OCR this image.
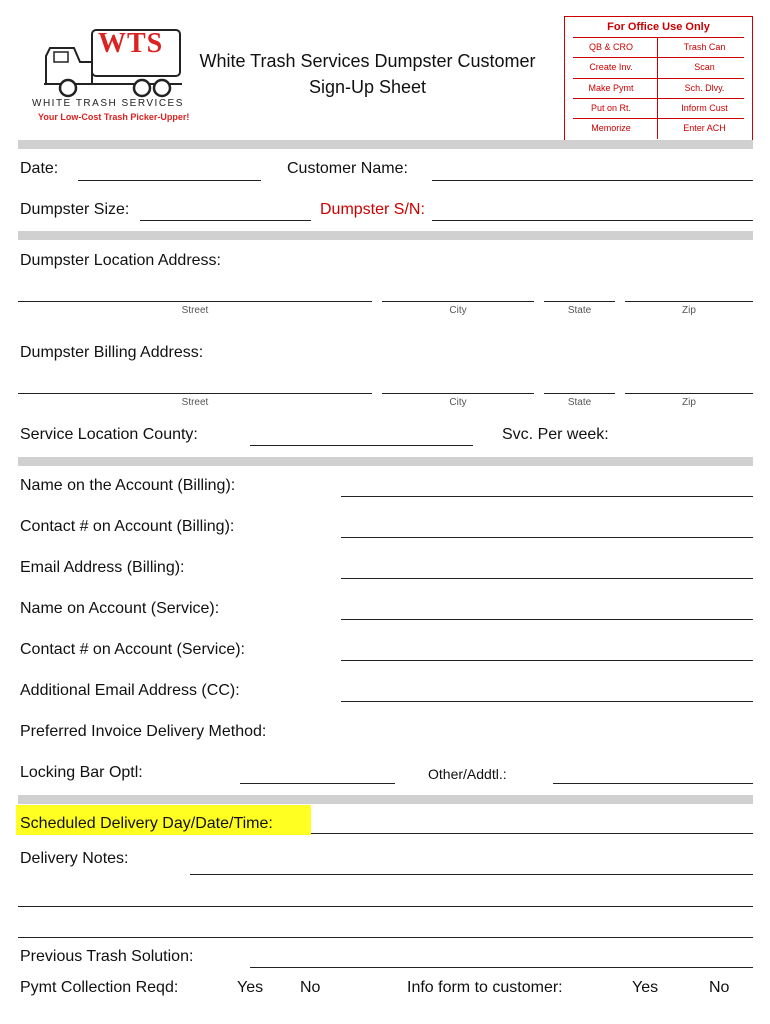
WTS
WHITE TRASH SERVICES
Your Low-Cost Trash Picker-Upper!
White Trash Services Dumpster Customer
Sign-Up Sheet
For Office Use Only
QB & CRO	Trash Can
Create Inv.	Scan
Make Pymt	Sch. Dlvy.
Put on Rt.	Inform Cust
Memorize	Enter ACH
Date:	Customer Name:
Dumpster Size:	Dumpster S/N:
Dumpster Location Address:
Street	City	State	Zip
Dumpster Billing Address:
Street	City	State	Zip
Service Location County:	Svc. Per week:
Name on the Account (Billing):
Contact # on Account (Billing):
Email Address (Billing):
Name on Account (Service):
Contact # on Account (Service):
Additional Email Address (CC):
Preferred Invoice Delivery Method:
Locking Bar Optl:	Other/Addtl.:
Scheduled Delivery Day/Date/Time:
Delivery Notes:
Previous Trash Solution:
Pymt Collection Reqd:	Yes No	Info form to customer:	Yes	No
